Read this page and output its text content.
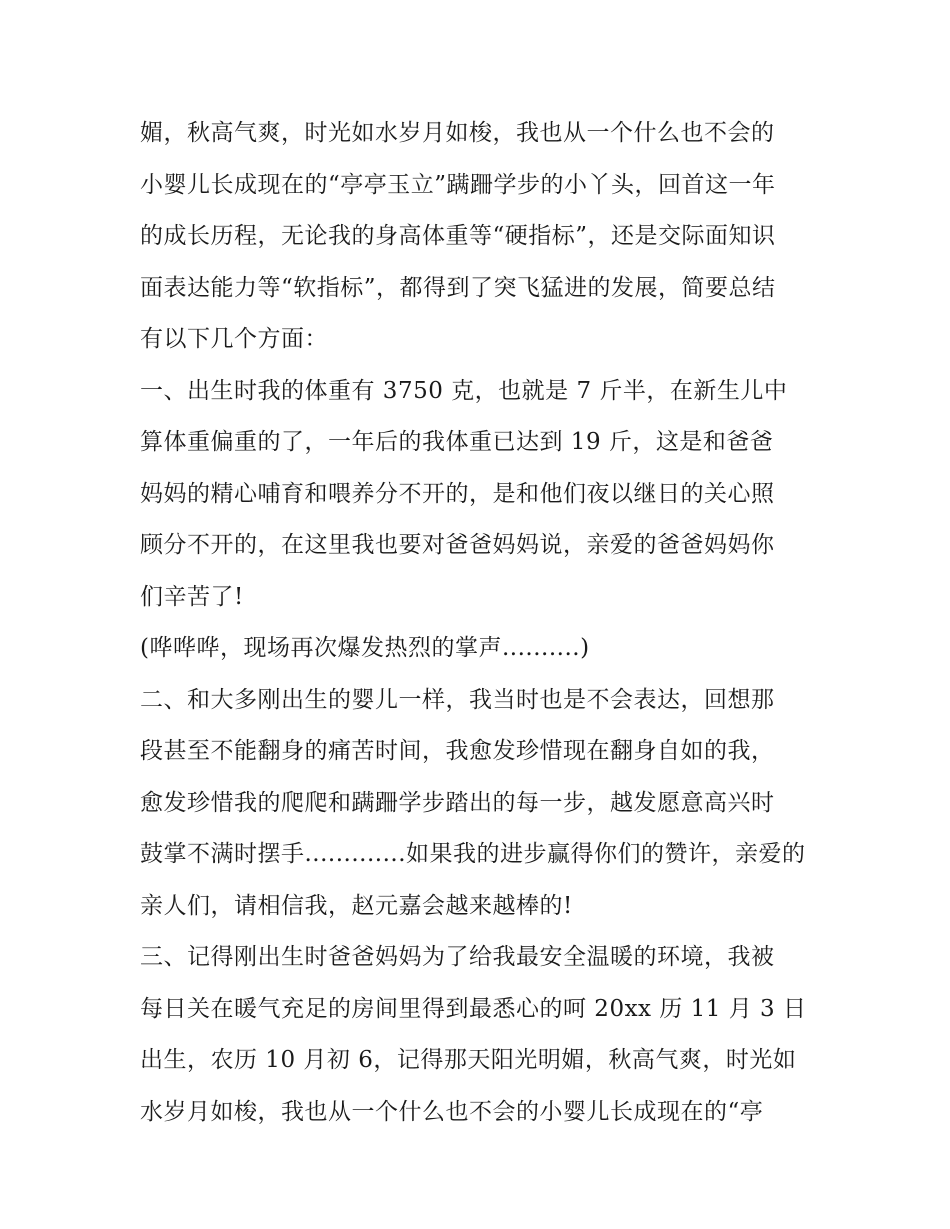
媚，秋高气爽，时光如水岁月如梭，我也从一个什么也不会的
小婴儿长成现在的“亭亭玉立”蹒跚学步的小丫头，回首这一年
的成长历程，无论我的身高体重等“硬指标”，还是交际面知识
面表达能力等“软指标”，都得到了突飞猛进的发展，简要总结
有以下几个方面：
一、出生时我的体重有 3750 克，也就是 7 斤半，在新生儿中
算体重偏重的了，一年后的我体重已达到 19 斤，这是和爸爸
妈妈的精心哺育和喂养分不开的，是和他们夜以继日的关心照
顾分不开的，在这里我也要对爸爸妈妈说，亲爱的爸爸妈妈你
们辛苦了!
(哗哗哗，现场再次爆发热烈的掌声..........)
二、和大多刚出生的婴儿一样，我当时也是不会表达，回想那
段甚至不能翻身的痛苦时间，我愈发珍惜现在翻身自如的我，
愈发珍惜我的爬爬和蹒跚学步踏出的每一步，越发愿意高兴时
鼓掌不满时摆手.............如果我的进步赢得你们的赞许，亲爱的
亲人们，请相信我，赵元嘉会越来越棒的!
三、记得刚出生时爸爸妈妈为了给我最安全温暖的环境，我被
每日关在暖气充足的房间里得到最悉心的呵 20xx 历 11 月 3 日
出生，农历 10 月初 6，记得那天阳光明媚，秋高气爽，时光如
水岁月如梭，我也从一个什么也不会的小婴儿长成现在的“亭
